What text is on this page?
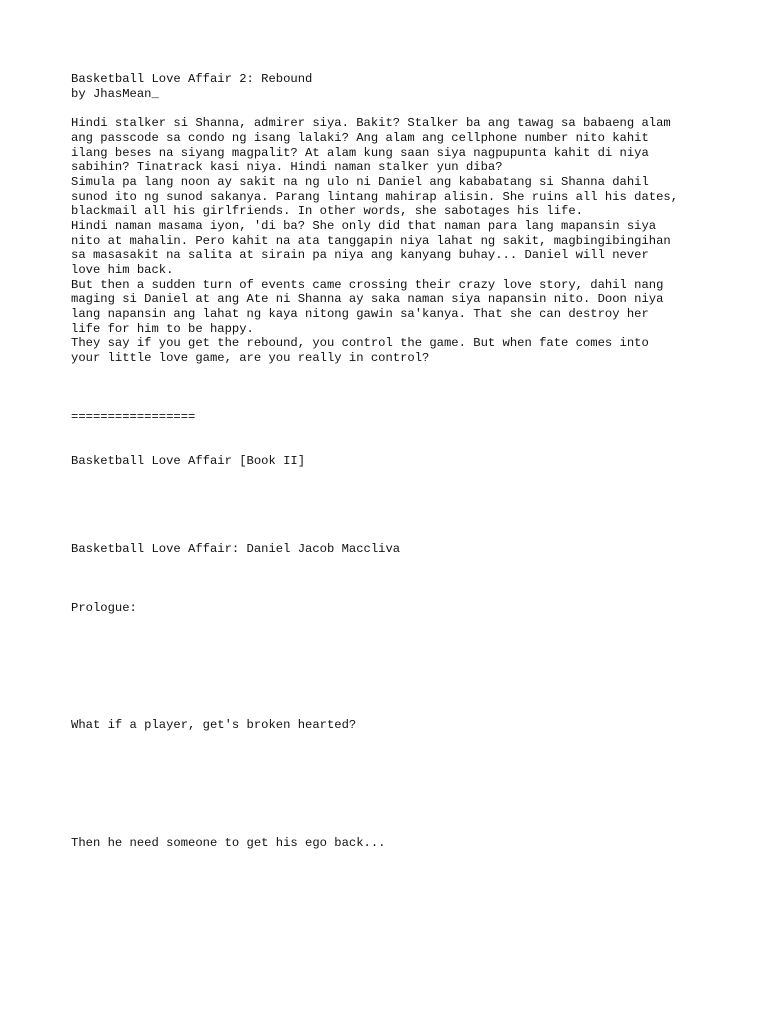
Basketball Love Affair 2: Rebound

by JhasMean_

Hindi stalker si Shanna, admirer siya. Bakit? Stalker ba ang tawag sa babaeng alam

ang passcode sa condo ng isang lalaki? Ang alam ang cellphone number nito kahit

ilang beses na siyang magpalit? At alam kung saan siya nagpupunta kahit di niya

sabihin? Tinatrack kasi niya. Hindi naman stalker yun diba?

Simula pa lang noon ay sakit na ng ulo ni Daniel ang kababatang si Shanna dahil

sunod ito ng sunod sakanya. Parang lintang mahirap alisin. She ruins all his dates,

blackmail all his girlfriends. In other words, she sabotages his life.

Hindi naman masama iyon, 'di ba? She only did that naman para lang mapansin siya

nito at mahalin. Pero kahit na ata tanggapin niya lahat ng sakit, magbingibingihan

sa masasakit na salita at sirain pa niya ang kanyang buhay... Daniel will never

love him back.

But then a sudden turn of events came crossing their crazy love story, dahil nang

maging si Daniel at ang Ate ni Shanna ay saka naman siya napansin nito. Doon niya

lang napansin ang lahat ng kaya nitong gawin sa'kanya. That she can destroy her

life for him to be happy.

They say if you get the rebound, you control the game. But when fate comes into

your little love game, are you really in control?

=================

Basketball Love Affair [Book II]

Basketball Love Affair: Daniel Jacob Maccliva

Prologue:

What if a player, get's broken hearted?

Then he need someone to get his ego back...
